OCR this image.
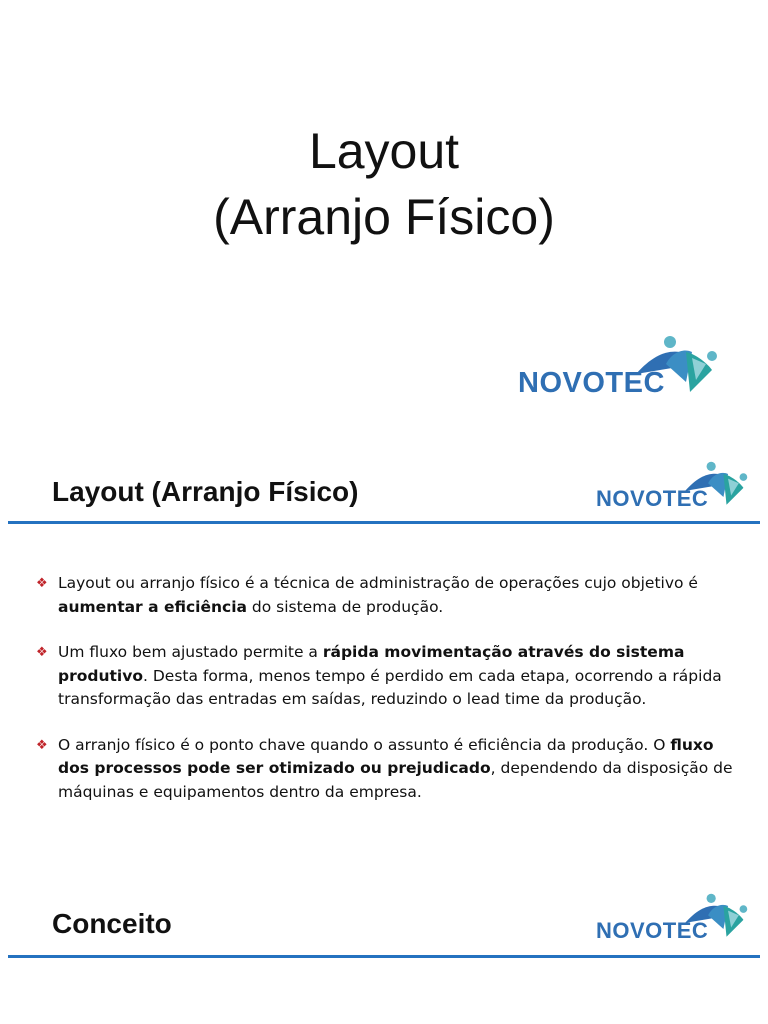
Layout
(Arranjo Físico)
NOVOTEC
Layout (Arranjo Físico)	NOVOTEC
❖ Layout ou arranjo físico é a técnica de administração de operações cujo objetivo é aumentar a eficiência do sistema de produção.
❖ Um fluxo bem ajustado permite a rápida movimentação através do sistema produtivo. Desta forma, menos tempo é perdido em cada etapa, ocorrendo a rápida transformação das entradas em saídas, reduzindo o lead time da produção.
❖ O arranjo físico é o ponto chave quando o assunto é eficiência da produção. O fluxo dos processos pode ser otimizado ou prejudicado, dependendo da disposição de máquinas e equipamentos dentro da empresa.
Conceito	NOVOTEC
